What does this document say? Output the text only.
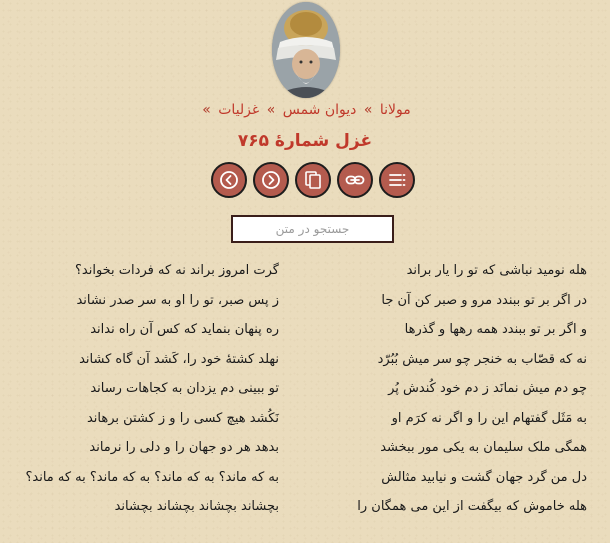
مولانا » دیوان شمس » غزلیات »
غزل شمارهٔ ۷۶۵
جستجو در متن
هله نومید نباشی که تو را یار براند
گرت امروز براند نه که فردات بخواند؟
در اگر بر تو ببندد مرو و صبر کن آن جا
ز پس صبر، تو را او به سر صدر نشاند
و اگر بر تو ببندد همه رهها و گذرها
ره پنهان بنماید که کس آن راه نداند
نه که قصّاب به خنجر چو سر میش بُبُرّد
نهلد کشتهٔ خود را، کَشد آن گاه کشاند
چو دم میش نمانَد ز دم خود کُندش پُر
تو ببینی دم یزدان به کجاهات رساند
به مَثَل گفتهام این را و اگر نه کرَم او
نَکُشد هیچ کسی را و ز کشتن برهاند
همگی ملک سلیمان به یکی مور ببخشد
بدهد هر دو جهان را و دلی را نرماند
دل من گرد جهان گشت و نیابید مثالش
به که ماند؟ به که ماند؟ به که ماند؟ به که ماند؟
هله خاموش که بیگفت از این می همگان را
بچشاند بچشاند بچشاند بچشاند
